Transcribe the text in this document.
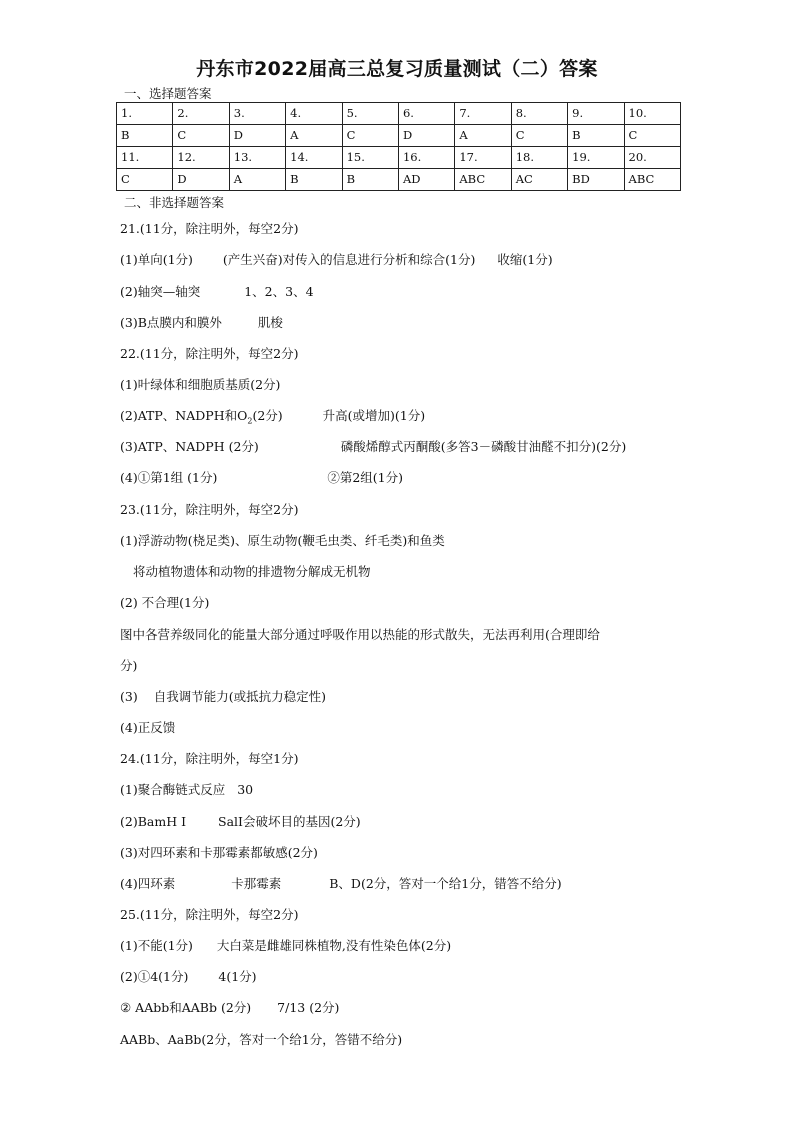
丹东市2022届高三总复习质量测试（二）答案
一、选择题答案
1.	2.	3.	4.	5.	6.	7.	8.	9.	10.
B	C	D	A	C	D	A	C	B	C
11.	12.	13.	14.	15.	16.	17.	18.	19.	20.
C	D	A	B	B	AD	ABC	AC	BD	ABC
二、非选择题答案
21.(11分，除注明外，每空2分)
(1)单向(1分) (产生兴奋)对传入的信息进行分析和综合(1分) 收缩(1分)
(2)轴突—轴突	1、2、3、4
(3)B点膜内和膜外	肌梭
22.(11分，除注明外，每空2分)
(1)叶绿体和细胞质基质(2分)
(2)ATP、NADPH和$O_2(2$分)	升高(或增加)(1分)
(3)ATP、NADPH (2分)	磷酸烯醇式丙酮酸(多答3－磷酸甘油醛不扣分)(2分)
(4)①第1组 (1分)	②第2组(1分)
23.(11分，除注明外，每空2分)
(1)浮游动物(桡足类)、原生动物(鞭毛虫类、纤毛类)和鱼类
将动植物遗体和动物的排遗物分解成无机物
(2) 不合理(1分)
图中各营养级同化的能量大部分通过呼吸作用以热能的形式散失，无法再利用(合理即给
分)
(3) 自我调节能力(或抵抗力稳定性)
(4)正反馈
24.(11分，除注明外，每空1分)
(1)聚合酶链式反应 30
(2)BamH I	SalI会破坏目的基因(2分)
(3)对四环素和卡那霉素都敏感(2分)
(4)四环素	卡那霉素	B、D(2分，答对一个给1分，错答不给分)
25.(11分，除注明外，每空2分)
(1)不能(1分) 大白菜是雌雄同株植物,没有性染色体(2分)
(2)①4(1分) 4(1分)
② AAbb和AABb (2分) 7/13 (2分)
AABb、AaBb(2分，答对一个给1分，答错不给分)
